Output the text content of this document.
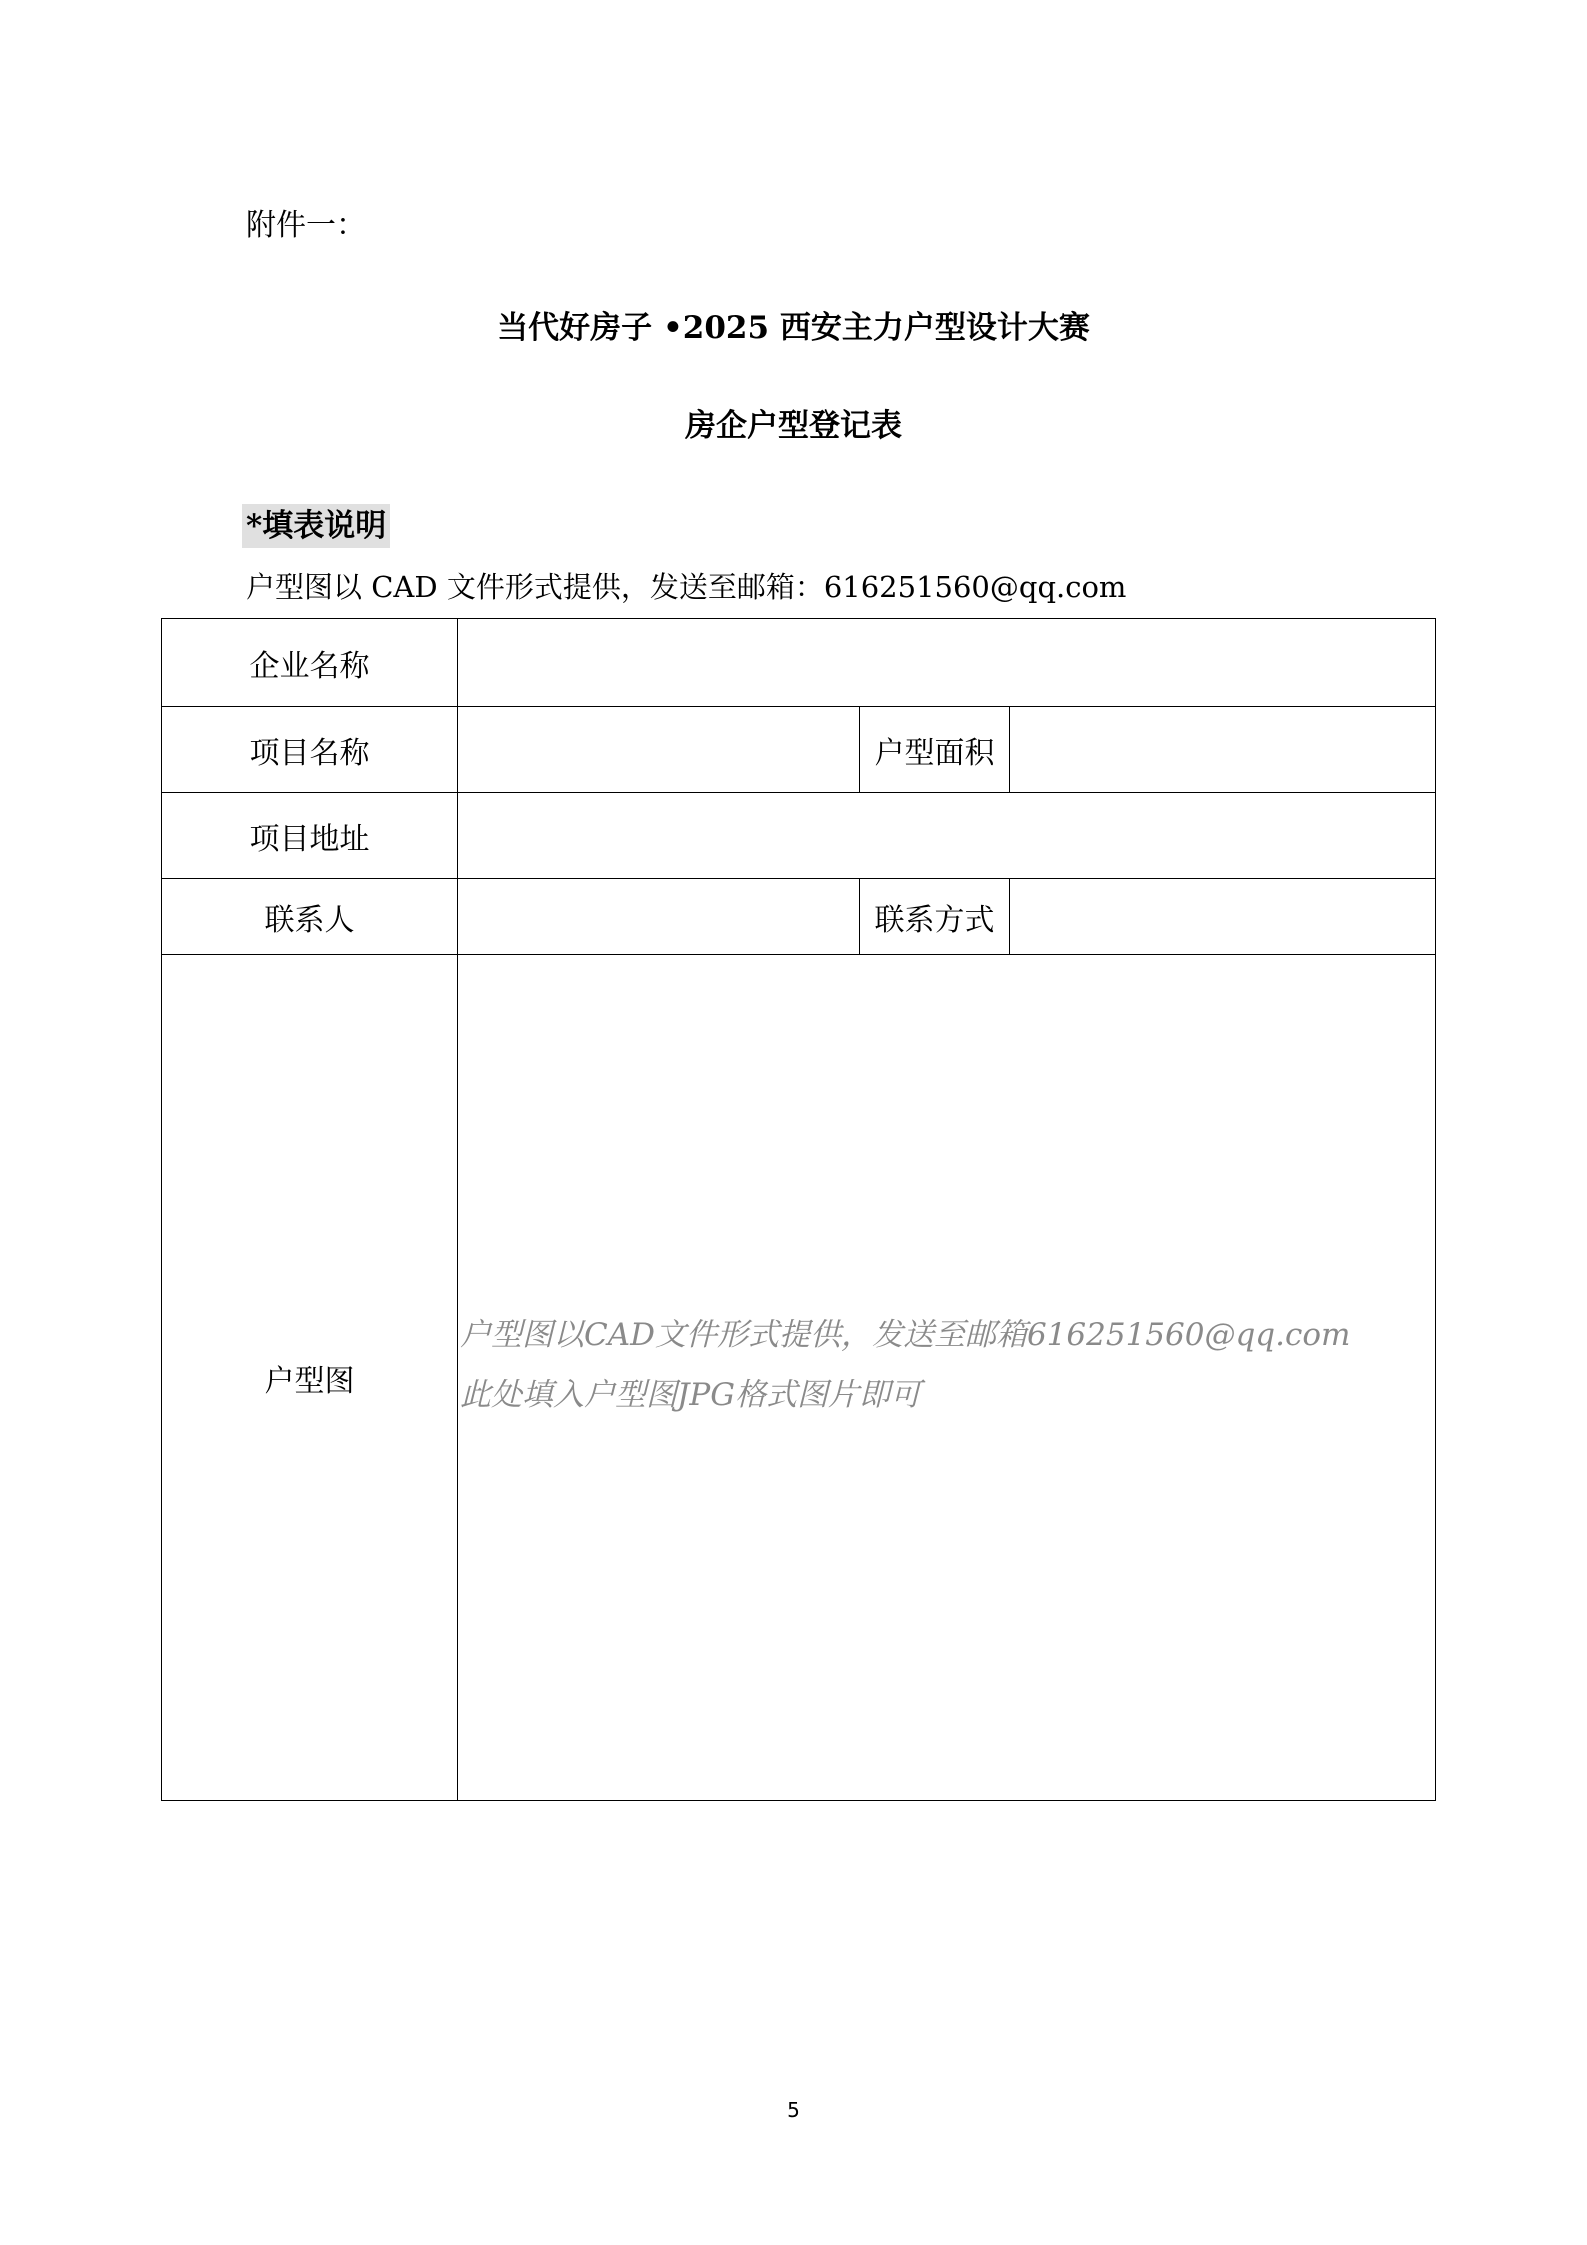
附件一：
当代好房子 •2025 西安主力户型设计大赛
房企户型登记表
*填表说明
户型图以 CAD 文件形式提供，发送至邮箱：616251560@qq.com
企业名称			
项目名称		户型面积	
项目地址			
联系人		联系方式	
户型图	户型图以CAD文件形式提供，发送至邮箱616251560@qq.com
此处填入户型图JPG格式图片即可		
5
